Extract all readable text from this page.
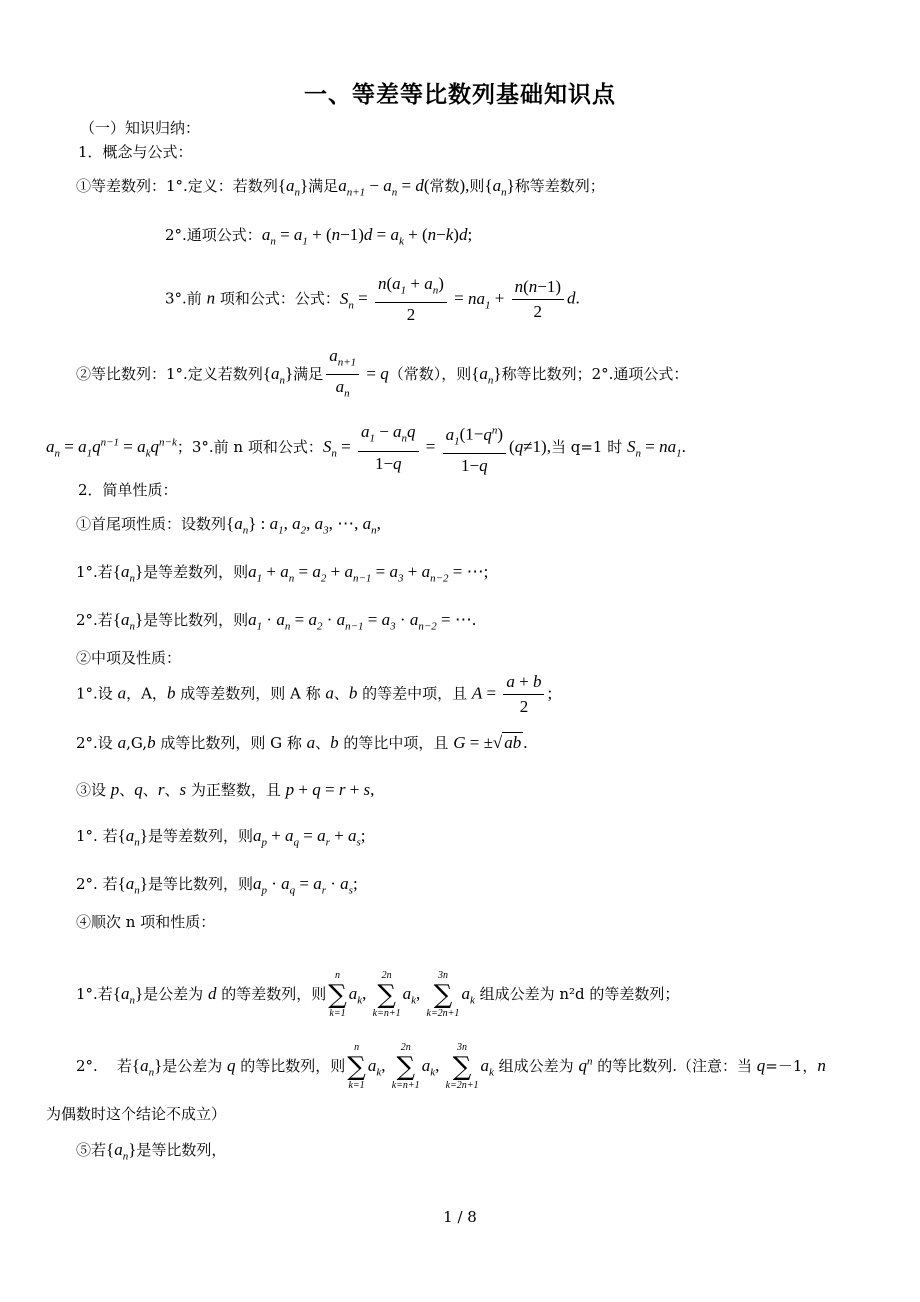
一、等差等比数列基础知识点
（一）知识归纳：
1．概念与公式：
①等差数列：1°.定义：若数列$\{a_n\}$满足$a_{n+1} - a_n = d$(常数),则$\{a_n\}$称等差数列；
2°.通项公式：$a_n = a_1 + (n-1)d = a_k + (n-k)d$;
3°.前 n 项和公式：公式：$S_n = \frac{n(a_1 + a_n)}{2} = na_1 + \frac{n(n-1)}{2} d$.
②等比数列：1°.定义若数列$\{a_n\}$满足 $\frac{a_{n+1}}{a_n} = q$（常数），则$\{a_n\}$称等比数列；2°.通项公式：
$a_n = a_1q^{n-1} = a_kq^{n-k}$；3°.前 n 项和公式：$S_n = \frac{a_1 - a_nq}{1-q} = \frac{a_1(1-q^n)}{1-q} (q\ne 1)$,当 q=1 时 $S_n = na_1$.
2．简单性质：
①首尾项性质：设数列$\{a_n\}$ : $a_1$, $a_2$, $a_3$, ⋯, $a_n$,
1°.若$\{a_n\}$是等差数列，则$a_1 + a_n = a_2 + a_{n-1} = a_3 + a_{n-2}$ = ⋯;
2°.若$\{a_n\}$是等比数列，则$a_1 \cdot a_n = a_2 \cdot a_{n-1} = a_3 \cdot a_{n-2}$ = ⋯.
②中项及性质：
1°.设 a，A，b 成等差数列，则 A 称 a、b 的等差中项，且 $A = \frac{a + b}{2}$ ;
2°.设 a,G,b 成等比数列，则 G 称 a、b 的等比中项，且 G = ±√ ab .
③设 p、q、r、s 为正整数，且 p + q = r + s,
1°. 若$\{a_n\}$是等差数列，则$a_p + a_q = a_r + a_s$;
2°. 若$\{a_n\}$是等比数列，则$a_p \cdot a_q = a_r \cdot a_s$;
④顺次 n 项和性质：
1°.若$\{a_n\}$是公差为 d 的等差数列，则
n
∑
k=1
$a_k$,
2n
∑
k=n+1
$a_k$,
3n
∑
k=2n+1
$a_k$ 组成公差为 n²d 的等差数列；
2°.    若$\{a_n\}$是公差为 q 的等比数列，则
n
∑
k=1
$a_k$,
2n
∑
k=n+1
$a_k$,
3n
∑
k=2n+1
$a_k$ 组成公差为 $q^n$ 的等比数列.（注意：当 q=－1，n
为偶数时这个结论不成立）
⑤若$\{a_n\}$是等比数列，
1 / 8
